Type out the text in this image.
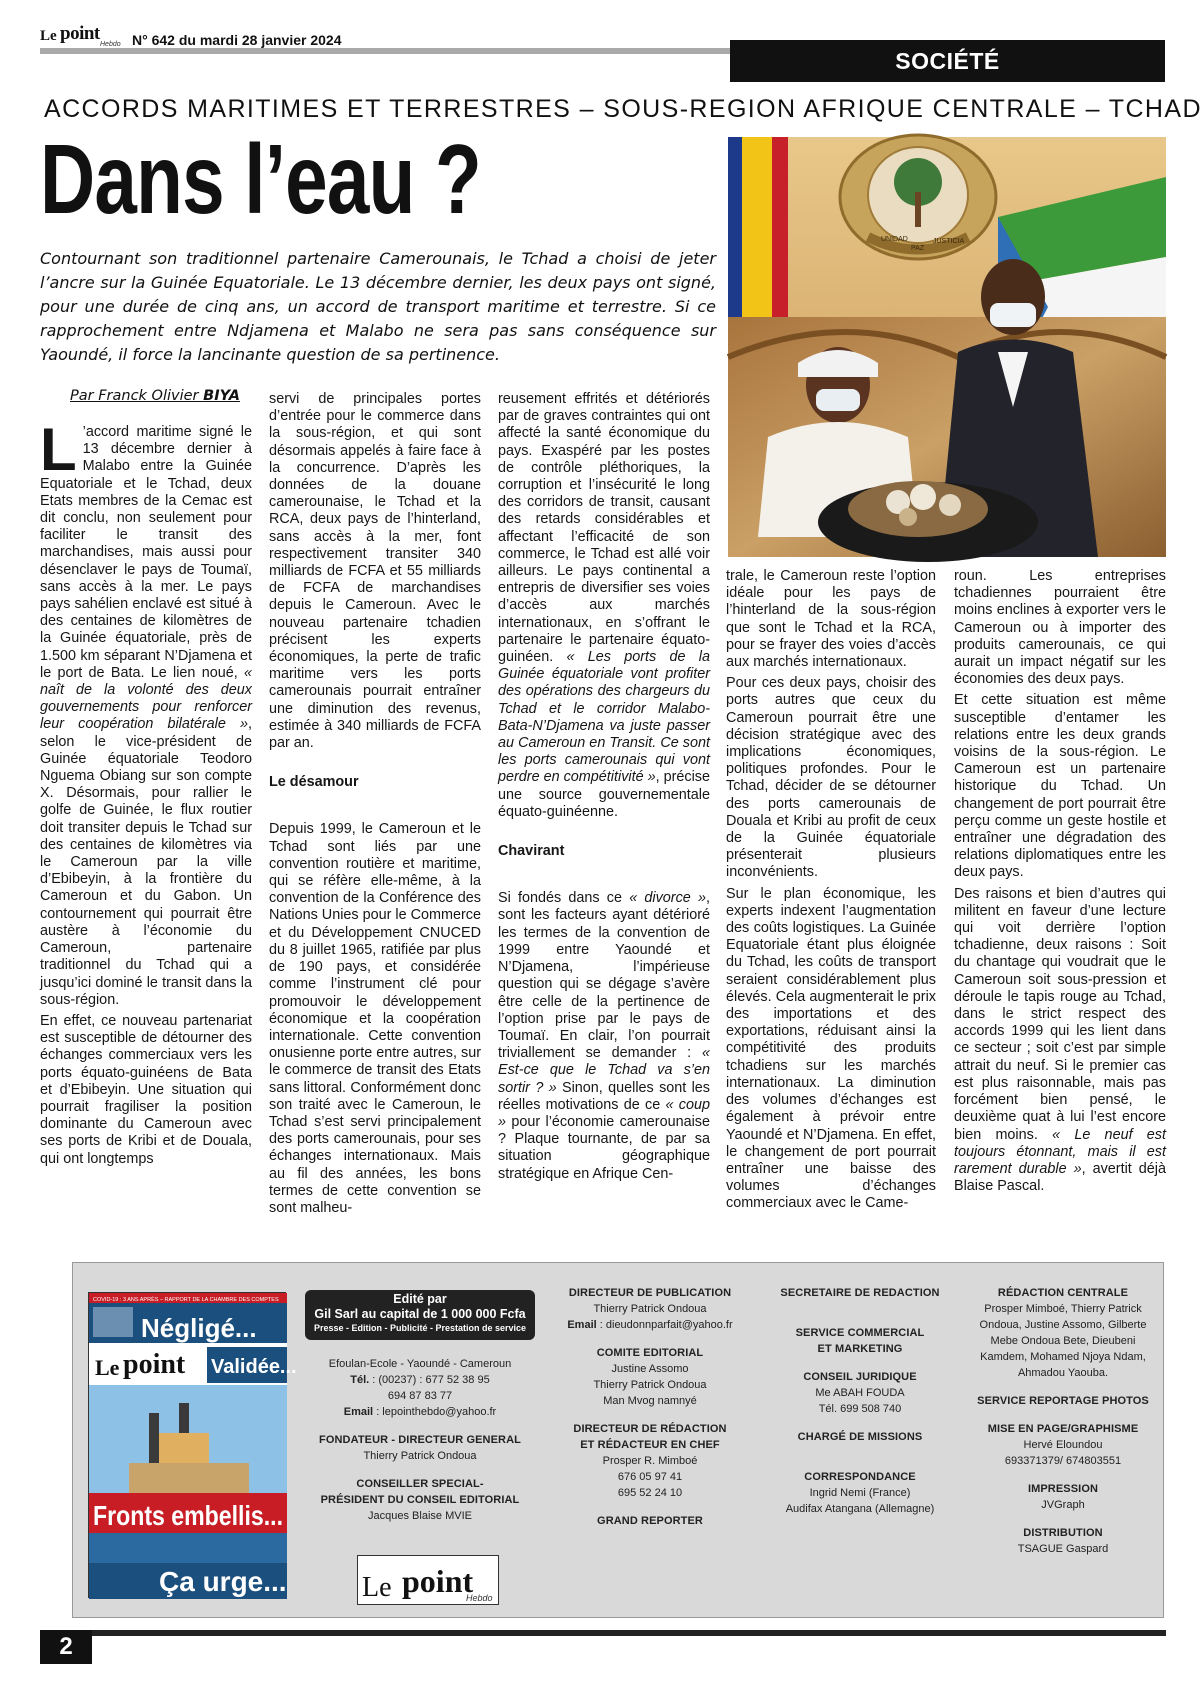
Le point
Hebdo N° 642 du mardi 28 janvier 2024
SOCIÉTÉ
ACCORDS MARITIMES ET TERRESTRES – SOUS-REGION AFRIQUE CENTRALE – TCHAD
Dans l’eau ?
UNIDAD
PAZ
JUSTICIA
Contournant son traditionnel partenaire Camerounais, le Tchad a choisi de jeter l’ancre sur la Guinée Equatoriale. Le 13 décembre dernier, les deux pays ont signé, pour une durée de cinq ans, un accord de transport maritime et terrestre. Si ce rapprochement entre Ndjamena et Malabo ne sera pas sans conséquence sur Yaoundé, il force la lancinante question de sa pertinence.
Par Franck Olivier BIYA

L ’accord maritime signé le 13 décembre dernier à Malabo entre la Guinée Equatoriale et le Tchad, deux Etats membres de la Cemac est dit conclu, non seulement pour faciliter le transit des marchandises, mais aussi pour désenclaver le pays de Toumaï, sans accès à la mer. Le pays pays sahélien enclavé est situé à des centaines de kilomètres de la Guinée équatoriale, près de 1.500 km séparant N’Djamena et le port de Bata. Le lien noué, « naît de la volonté des deux gouvernements pour renforcer leur coopération bilatérale », selon le vice-président de Guinée équatoriale Teodoro Nguema Obiang sur son compte X. Désormais, pour rallier le golfe de Guinée, le flux routier doit transiter depuis le Tchad sur des centaines de kilomètres via le Cameroun par la ville d’Ebibeyin, à la frontière du Cameroun et du Gabon. Un contournement qui pourrait être austère à l’économie du Cameroun, partenaire traditionnel du Tchad qui a jusqu’ici dominé le transit dans la sous-région.

En effet, ce nouveau partenariat est susceptible de détourner des échanges commerciaux vers les ports équato-guinéens de Bata et d’Ebibeyin. Une situation qui pourrait fragiliser la position dominante du Cameroun avec ses ports de Kribi et de Douala, qui ont longtemps

servi de principales portes d’entrée pour le commerce dans la sous-région, et qui sont désormais appelés à faire face à la concurrence. D’après les données de la douane camerounaise, le Tchad et la RCA, deux pays de l’hinterland, sans accès à la mer, font respectivement transiter 340 milliards de FCFA et 55 milliards de FCFA de marchandises depuis le Cameroun. Avec le nouveau partenaire tchadien précisent les experts économiques, la perte de trafic maritime vers les ports camerounais pourrait entraîner une diminution des revenus, estimée à 340 milliards de FCFA par an.

Le désamour

Depuis 1999, le Cameroun et le Tchad sont liés par une convention routière et maritime, qui se réfère elle-même, à la convention de la Conférence des Nations Unies pour le Commerce et du Développement CNUCED du 8 juillet 1965, ratifiée par plus de 190 pays, et considérée comme l’instrument clé pour promouvoir le développement économique et la coopération internationale. Cette convention onusienne porte entre autres, sur le commerce de transit des Etats sans littoral. Conformément donc son traité avec le Cameroun, le Tchad s’est servi principalement des ports camerounais, pour ses échanges internationaux. Mais au fil des années, les bons termes de cette convention se sont malheu-

reusement effrités et détériorés par de graves contraintes qui ont affecté la santé économique du pays. Exaspéré par les postes de contrôle pléthoriques, la corruption et l’insécurité le long des corridors de transit, causant des retards considérables et affectant l’efficacité de son commerce, le Tchad est allé voir ailleurs. Le pays continental a entrepris de diversifier ses voies d’accès aux marchés internationaux, en s’offrant le partenaire le partenaire équato-guinéen. « Les ports de la Guinée équatoriale vont profiter des opérations des chargeurs du Tchad et le corridor Malabo-Bata-N’Djamena va juste passer au Cameroun en Transit. Ce sont les ports camerounais qui vont perdre en compétitivité », précise une source gouvernementale équato-guinéenne.

Chavirant

Si fondés dans ce « divorce », sont les facteurs ayant détérioré les termes de la convention de 1999 entre Yaoundé et N’Djamena, l’impérieuse question qui se dégage s’avère être celle de la pertinence de l’option prise par le pays de Toumaï. En clair, l’on pourrait triviallement se demander : « Est-ce que le Tchad va s’en sortir ? » Sinon, quelles sont les réelles motivations de ce « coup » pour l’économie camerounaise ? Plaque tournante, de par sa situation géographique stratégique en Afrique Cen-

trale, le Cameroun reste l’option idéale pour les pays de l’hinterland de la sous-région que sont le Tchad et la RCA, pour se frayer des voies d’accès aux marchés internationaux.

Pour ces deux pays, choisir des ports autres que ceux du Cameroun pourrait être une décision stratégique avec des implications économiques, politiques profondes. Pour le Tchad, décider de se détourner des ports camerounais de Douala et Kribi au profit de ceux de la Guinée équatoriale présenterait plusieurs inconvénients.

Sur le plan économique, les experts indexent l’augmentation des coûts logistiques. La Guinée Equatoriale étant plus éloignée du Tchad, les coûts de transport seraient considérablement plus élevés. Cela augmenterait le prix des importations et des exportations, réduisant ainsi la compétitivité des produits tchadiens sur les marchés internationaux. La diminution des volumes d’échanges est également à prévoir entre Yaoundé et N’Djamena. En effet, le changement de port pourrait entraîner une baisse des volumes d’échanges commerciaux avec le Came-

roun. Les entreprises tchadiennes pourraient être moins enclines à exporter vers le Cameroun ou à importer des produits camerounais, ce qui aurait un impact négatif sur les économies des deux pays.

Et cette situation est même susceptible d’entamer les relations entre les deux grands voisins de la sous-région. Le Cameroun est un partenaire historique du Tchad. Un changement de port pourrait être perçu comme un geste hostile et entraîner une dégradation des relations diplomatiques entre les deux pays.

Des raisons et bien d’autres qui militent en faveur d’une lecture qui voit derrière l’option tchadienne, deux raisons : Soit du chantage qui voudrait que le Cameroun soit sous-pression et déroule le tapis rouge au Tchad, dans le strict respect des accords 1999 qui les lient dans ce secteur ; soit c’est par simple attrait du neuf. Si le premier cas est plus raisonnable, mais pas forcément bien pensé, le deuxième quat à lui l’est encore bien moins. « Le neuf est toujours étonnant, mais il est rarement durable », avertit déjà Blaise Pascal.

COVID-19 : 3 ANS APRÈS – RAPPORT DE LA CHAMBRE DES COMPTES
Négligé...
Le point Validée...
Fronts embellis...
Ça urge...
Edité par
Gil Sarl au capital de 1 000 000 Fcfa
Presse - Edition - Publicité - Prestation de service
Efoulan-Ecole - Yaoundé - Cameroun
Tél. : (00237) : 677 52 38 95
694 87 83 77
Email : lepointhebdo@yahoo.fr
FONDATEUR - DIRECTEUR GENERAL
Thierry Patrick Ondoua
CONSEILLER SPECIAL-
PRÉSIDENT DU CONSEIL EDITORIAL
Jacques Blaise MVIE
Le point
Hebdo
DIRECTEUR DE PUBLICATION
Thierry Patrick Ondoua
Email : dieudonnparfait@yahoo.fr
COMITE EDITORIAL
Justine Assomo
Thierry Patrick Ondoua
Man Mvog namnyé
DIRECTEUR DE RÉDACTION
ET RÉDACTEUR EN CHEF
Prosper R. Mimboé
676 05 97 41
695 52 24 10
GRAND REPORTER
SECRETAIRE DE REDACTION
SERVICE COMMERCIAL
ET MARKETING
CONSEIL JURIDIQUE
Me ABAH FOUDA
Tél. 699 508 740
CHARGÉ DE MISSIONS
CORRESPONDANCE
Ingrid Nemi (France)
Audifax Atangana (Allemagne)
RÉDACTION CENTRALE
Prosper Mimboé, Thierry Patrick
Ondoua, Justine Assomo, Gilberte
Mebe Ondoua Bete, Dieubeni
Kamdem, Mohamed Njoya Ndam,
Ahmadou Yaouba.
SERVICE REPORTAGE PHOTOS
MISE EN PAGE/GRAPHISME
Hervé Eloundou
693371379/ 674803551
IMPRESSION
JVGraph
DISTRIBUTION
TSAGUE Gaspard
2
